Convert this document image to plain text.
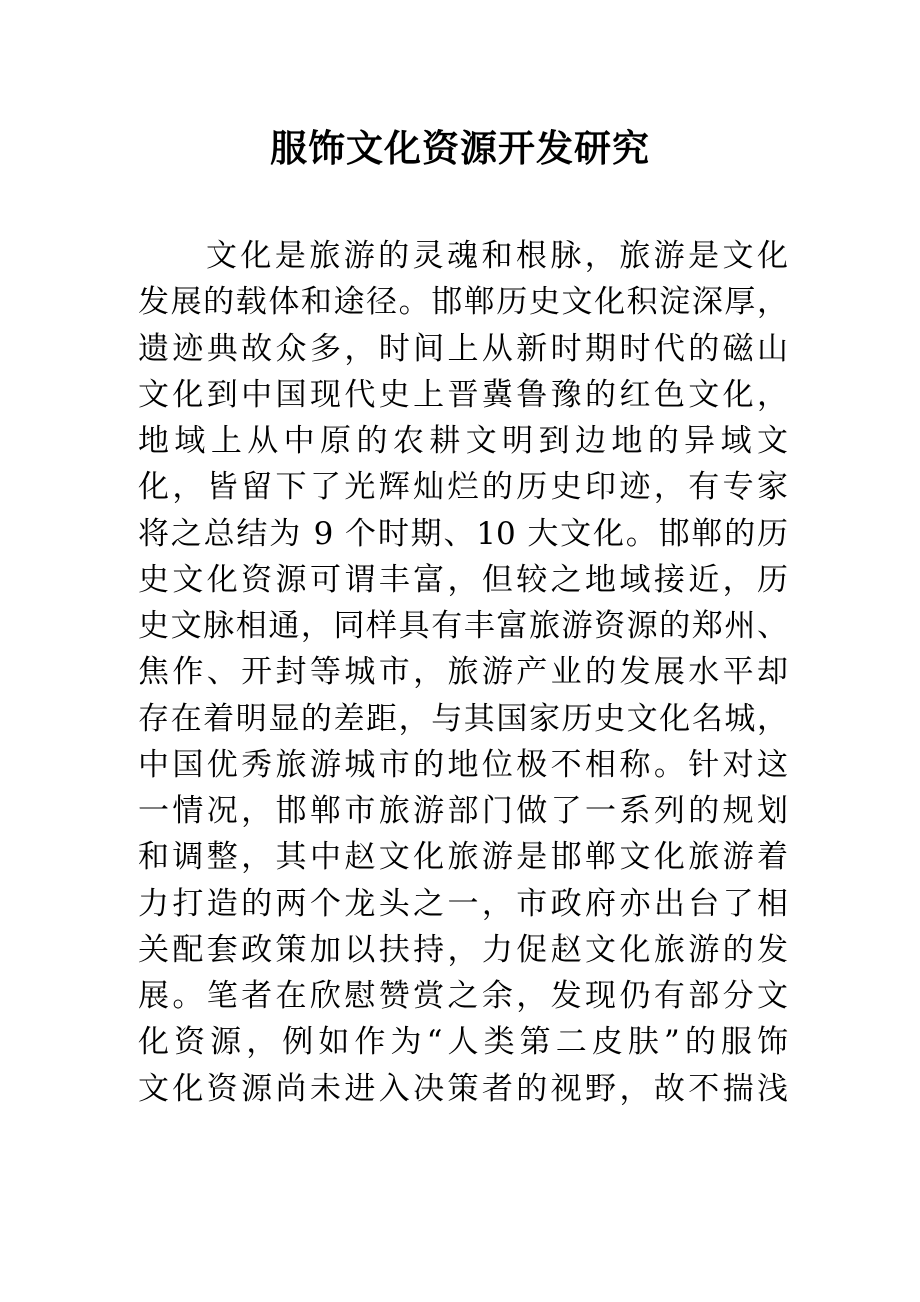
服饰文化资源开发研究
文化是旅游的灵魂和根脉，旅游是文化
发展的载体和途径。邯郸历史文化积淀深厚，
遗迹典故众多，时间上从新时期时代的磁山
文化到中国现代史上晋冀鲁豫的红色文化，
地域上从中原的农耕文明到边地的异域文
化，皆留下了光辉灿烂的历史印迹，有专家
将之总结为 9 个时期、10 大文化。邯郸的历
史文化资源可谓丰富，但较之地域接近，历
史文脉相通，同样具有丰富旅游资源的郑州、
焦作、开封等城市，旅游产业的发展水平却
存在着明显的差距，与其国家历史文化名城，
中国优秀旅游城市的地位极不相称。针对这
一情况，邯郸市旅游部门做了一系列的规划
和调整，其中赵文化旅游是邯郸文化旅游着
力打造的两个龙头之一，市政府亦出台了相
关配套政策加以扶持，力促赵文化旅游的发
展。笔者在欣慰赞赏之余，发现仍有部分文
化资源，例如作为“人类第二皮肤”的服饰
文化资源尚未进入决策者的视野，故不揣浅
